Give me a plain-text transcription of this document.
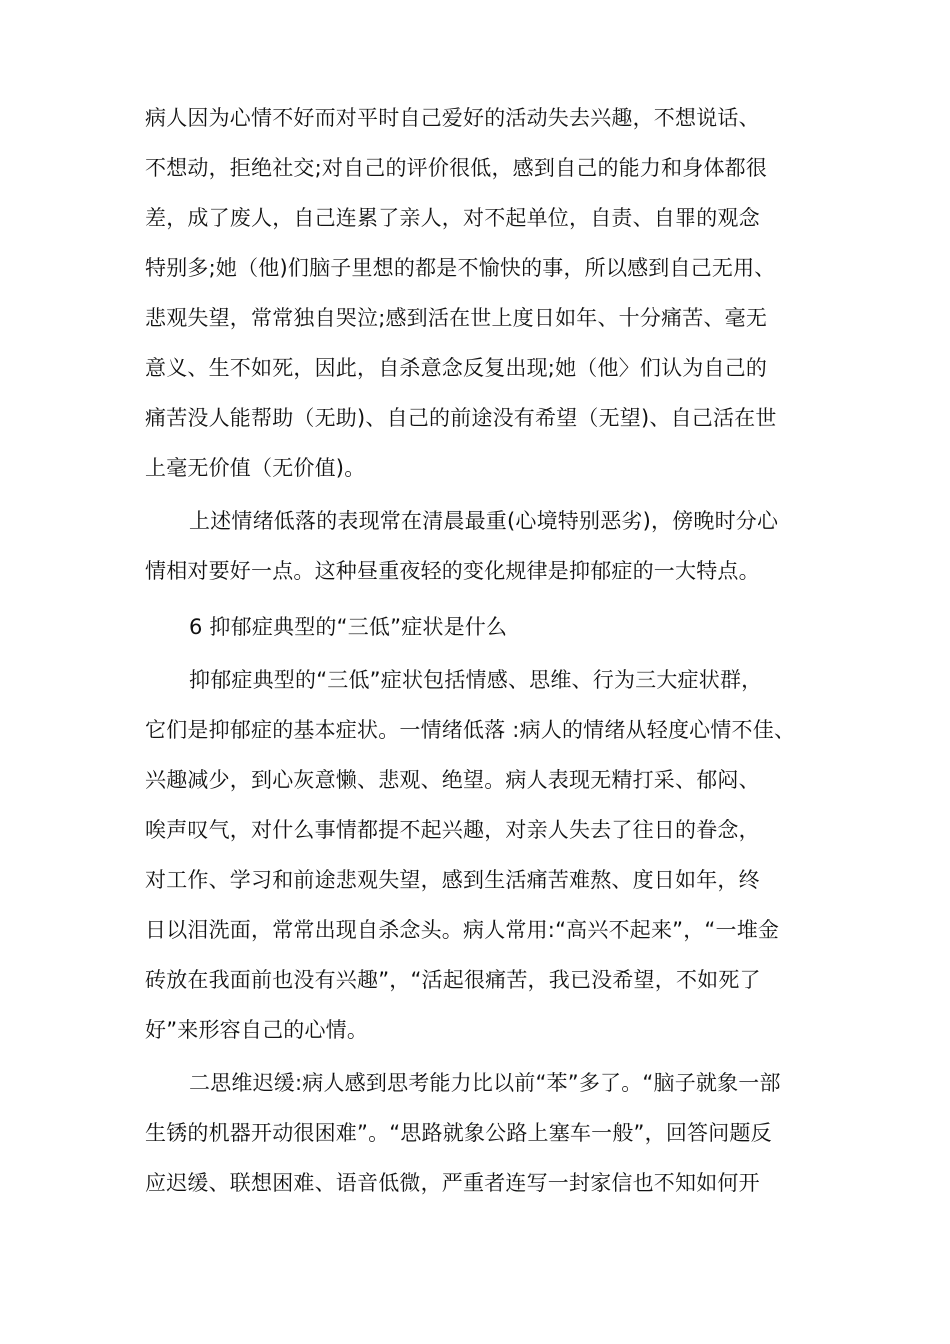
病人因为心情不好而对平时自己爱好的活动失去兴趣，不想说话、
不想动，拒绝社交;对自己的评价很低，感到自己的能力和身体都很
差，成了废人，自己连累了亲人，对不起单位，自责、自罪的观念
特别多;她（他)们脑子里想的都是不愉快的事，所以感到自己无用、
悲观失望，常常独自哭泣;感到活在世上度日如年、十分痛苦、毫无
意义、生不如死，因此，自杀意念反复出现;她（他〉们认为自己的
痛苦没人能帮助（无助)、自己的前途没有希望（无望)、自己活在世
上毫无价值（无价值)。
上述情绪低落的表现常在清晨最重(心境特别恶劣)，傍晚时分心
情相对要好一点。这种昼重夜轻的变化规律是抑郁症的一大特点。
6 抑郁症典型的“三低”症状是什么
抑郁症典型的“三低”症状包括情感、思维、行为三大症状群，
它们是抑郁症的基本症状。一情绪低落 :病人的情绪从轻度心情不佳、
兴趣减少，到心灰意懒、悲观、绝望。病人表现无精打采、郁闷、
唉声叹气，对什么事情都提不起兴趣，对亲人失去了往日的眷念，
对工作、学习和前途悲观失望，感到生活痛苦难熬、度日如年，终
日以泪洗面，常常出现自杀念头。病人常用:“高兴不起来”，“一堆金
砖放在我面前也没有兴趣”，“活起很痛苦，我已没希望，不如死了
好”来形容自己的心情。
二思维迟缓:病人感到思考能力比以前“苯”多了。“脑子就象一部
生锈的机器开动很困难”。“思路就象公路上塞车一般”，回答问题反
应迟缓、联想困难、语音低微，严重者连写一封家信也不知如何开
